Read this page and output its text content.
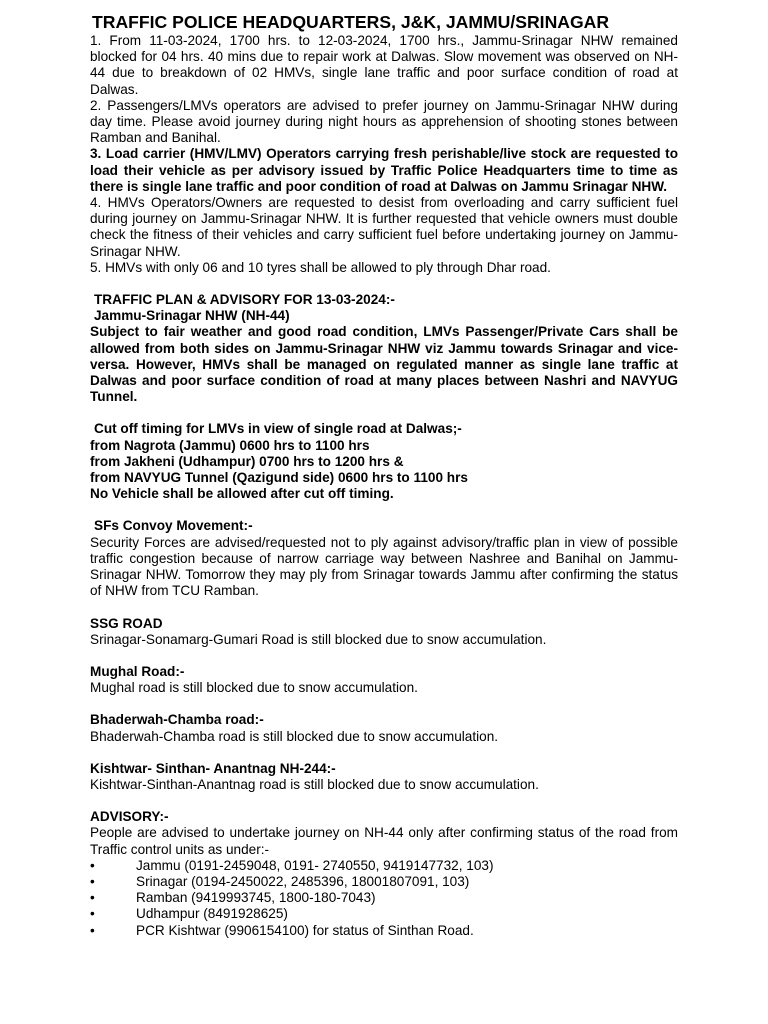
TRAFFIC POLICE HEADQUARTERS, J&K, JAMMU/SRINAGAR

1. From 11-03-2024, 1700 hrs. to 12-03-2024, 1700 hrs., Jammu-Srinagar NHW remained blocked for 04 hrs. 40 mins due to repair work at Dalwas. Slow movement was observed on NH-44 due to breakdown of 02 HMVs, single lane traffic and poor surface condition of road at Dalwas.

2. Passengers/LMVs operators are advised to prefer journey on Jammu-Srinagar NHW during day time. Please avoid journey during night hours as apprehension of shooting stones between Ramban and Banihal.

3. Load carrier (HMV/LMV) Operators carrying fresh perishable/live stock are requested to load their vehicle as per advisory issued by Traffic Police Headquarters time to time as there is single lane traffic and poor condition of road at Dalwas on Jammu Srinagar NHW.

4. HMVs Operators/Owners are requested to desist from overloading and carry sufficient fuel during journey on Jammu-Srinagar NHW. It is further requested that vehicle owners must double check the fitness of their vehicles and carry sufficient fuel before undertaking journey on Jammu-Srinagar NHW.

5. HMVs with only 06 and 10 tyres shall be allowed to ply through Dhar road.

TRAFFIC PLAN & ADVISORY FOR 13-03-2024:-

Jammu-Srinagar NHW (NH-44)

Subject to fair weather and good road condition, LMVs Passenger/Private Cars shall be allowed from both sides on Jammu-Srinagar NHW viz Jammu towards Srinagar and vice-versa. However, HMVs shall be managed on regulated manner as single lane traffic at Dalwas and poor surface condition of road at many places between Nashri and NAVYUG Tunnel.

Cut off timing for LMVs in view of single road at Dalwas;-

from Nagrota (Jammu) 0600 hrs to 1100 hrs

from Jakheni (Udhampur) 0700 hrs to 1200 hrs &

from NAVYUG Tunnel (Qazigund side) 0600 hrs to 1100 hrs

No Vehicle shall be allowed after cut off timing.

SFs Convoy Movement:-

Security Forces are advised/requested not to ply against advisory/traffic plan in view of possible traffic congestion because of narrow carriage way between Nashree and Banihal on Jammu-Srinagar NHW. Tomorrow they may ply from Srinagar towards Jammu after confirming the status of NHW from TCU Ramban.

SSG ROAD

Srinagar-Sonamarg-Gumari Road is still blocked due to snow accumulation.

Mughal Road:-

Mughal road is still blocked due to snow accumulation.

Bhaderwah-Chamba road:-

Bhaderwah-Chamba road is still blocked due to snow accumulation.

Kishtwar- Sinthan- Anantnag NH-244:-

Kishtwar-Sinthan-Anantnag road is still blocked due to snow accumulation.

ADVISORY:-

People are advised to undertake journey on NH-44 only after confirming status of the road from Traffic control units as under:-

•	Jammu (0191-2459048, 0191- 2740550, 9419147732, 103)
•	Srinagar (0194-2450022, 2485396, 18001807091, 103)
•	Ramban (9419993745, 1800-180-7043)
•	Udhampur (8491928625)
•	PCR Kishtwar (9906154100) for status of Sinthan Road.
